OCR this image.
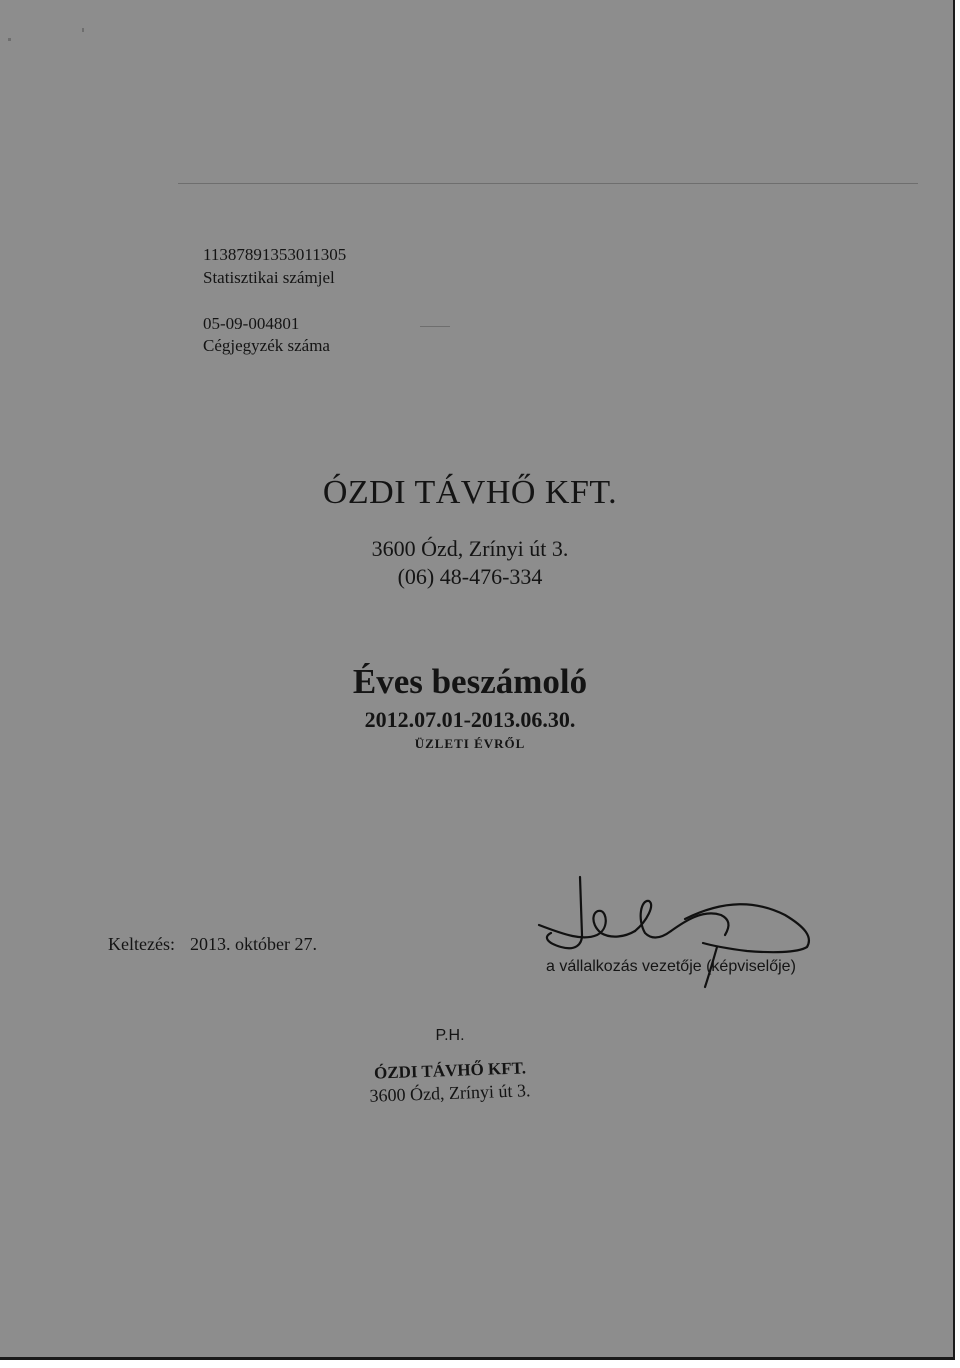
11387891353011305
Statisztikai számjel
05-09-004801
Cégjegyzék száma
ÓZDI TÁVHŐ KFT.
3600 Ózd, Zrínyi út 3.
(06) 48-476-334
Éves beszámoló
2012.07.01-2013.06.30.
ÜZLETI ÉVRŐL
Keltezés: 2013. október 27.
a vállalkozás vezetője (képviselője)
P.H.
ÓZDI TÁVHŐ KFT.
3600 Ózd, Zrínyi út 3.
